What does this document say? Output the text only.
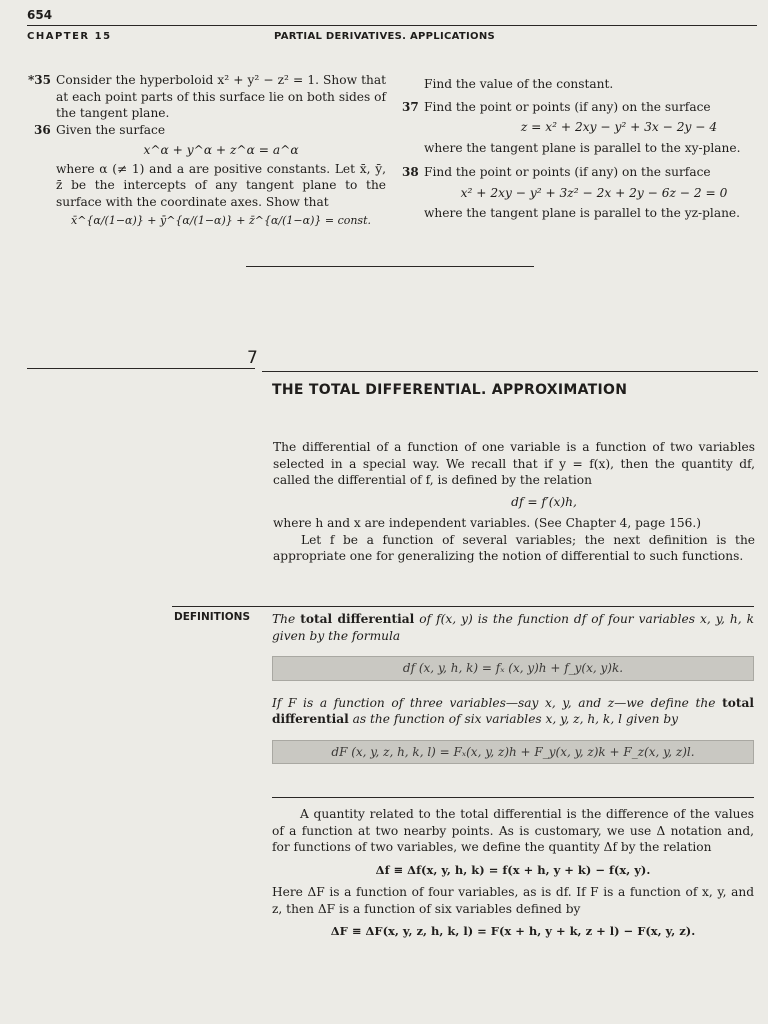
654
CHAPTER 15	PARTIAL DERIVATIVES. APPLICATIONS
*35 Consider the hyperboloid x² + y² − z² = 1. Show that at each point parts of this surface lie on both sides of the tangent plane.

36 Given the surface

x^α + y^α + z^α = a^α

where α (≠ 1) and a are positive constants. Let x̄, ȳ, z̄ be the intercepts of any tangent plane to the surface with the coordinate axes. Show that

x̄^{α/(1−α)} + ȳ^{α/(1−α)} + z̄^{α/(1−α)} = const.

Find the value of the constant.

37 Find the point or points (if any) on the surface

z = x² + 2xy − y² + 3x − 2y − 4

where the tangent plane is parallel to the xy-plane.

38 Find the point or points (if any) on the surface

x² + 2xy − y² + 3z² − 2x + 2y − 6z − 2 = 0

where the tangent plane is parallel to the yz-plane.

7
THE TOTAL DIFFERENTIAL. APPROXIMATION

The differential of a function of one variable is a function of two variables selected in a special way. We recall that if y = f(x), then the quantity df, called the differential of f, is defined by the relation

df = f′(x)h,

where h and x are independent variables. (See Chapter 4, page 156.)

Let f be a function of several variables; the next definition is the appropriate one for generalizing the notion of differential to such functions.

DEFINITIONS The total differential of f(x, y) is the function df of four variables x, y, h, k given by the formula

df (x, y, h, k) = fₓ (x, y)h + f_y(x, y)k.

If F is a function of three variables—say x, y, and z—we define the total differential as the function of six variables x, y, z, h, k, l given by

dF (x, y, z, h, k, l) = Fₓ(x, y, z)h + F_y(x, y, z)k + F_z(x, y, z)l.

A quantity related to the total differential is the difference of the values of a function at two nearby points. As is customary, we use Δ notation and, for functions of two variables, we define the quantity Δf by the relation

Δf ≡ Δf(x, y, h, k) = f(x + h, y + k) − f(x, y).

Here ΔF is a function of four variables, as is df. If F is a function of x, y, and z, then ΔF is a function of six variables defined by

ΔF ≡ ΔF(x, y, z, h, k, l) = F(x + h, y + k, z + l) − F(x, y, z).
